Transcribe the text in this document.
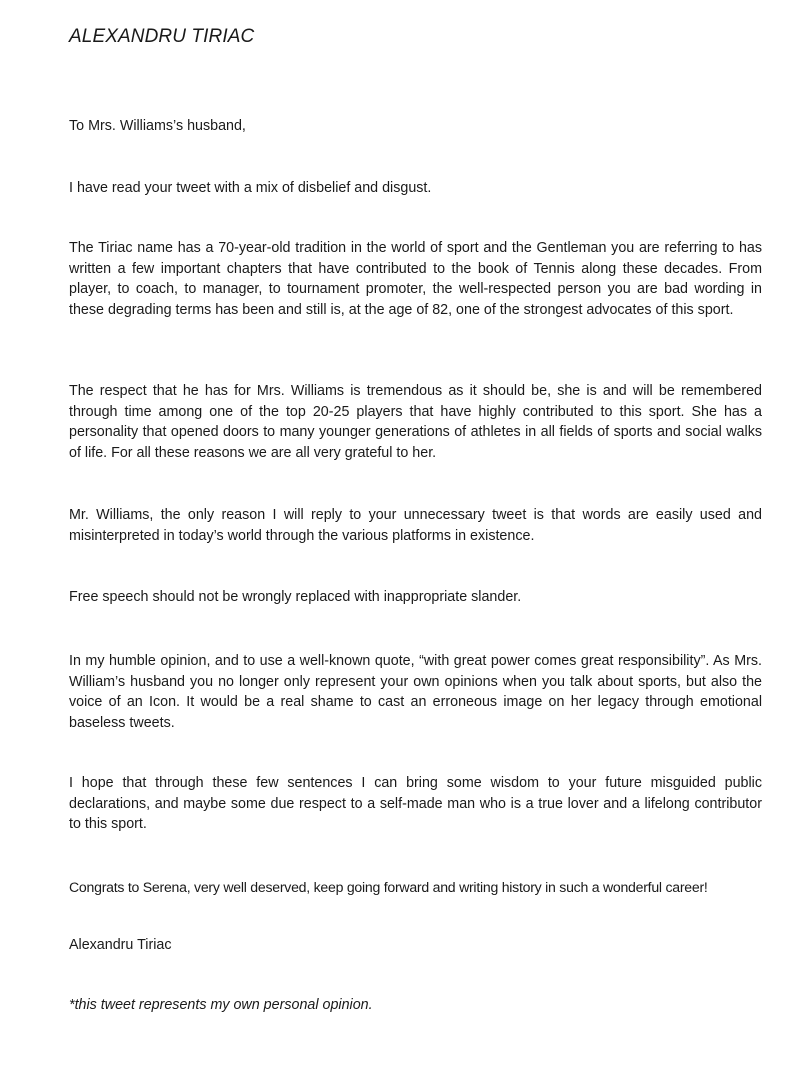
ALEXANDRU TIRIAC

To Mrs. Williams’s husband,

I have read your tweet with a mix of disbelief and disgust.

The Tiriac name has a 70-year-old tradition in the world of sport and the Gentleman you are referring to has written a few important chapters that have contributed to the book of Tennis along these decades. From player, to coach, to manager, to tournament promoter, the well-respected person you are bad wording in these degrading terms has been and still is, at the age of 82, one of the strongest advocates of this sport.

The respect that he has for Mrs. Williams is tremendous as it should be, she is and will be remembered through time among one of the top 20-25 players that have highly contributed to this sport. She has a personality that opened doors to many younger generations of athletes in all fields of sports and social walks of life. For all these reasons we are all very grateful to her.

Mr. Williams, the only reason I will reply to your unnecessary tweet is that words are easily used and misinterpreted in today’s world through the various platforms in existence.

Free speech should not be wrongly replaced with inappropriate slander.

In my humble opinion, and to use a well-known quote, “with great power comes great responsibility”. As Mrs. William’s husband you no longer only represent your own opinions when you talk about sports, but also the voice of an Icon. It would be a real shame to cast an erroneous image on her legacy through emotional baseless tweets.

I hope that through these few sentences I can bring some wisdom to your future misguided public declarations, and maybe some due respect to a self-made man who is a true lover and a lifelong contributor to this sport.

Congrats to Serena, very well deserved, keep going forward and writing history in such a wonderful career!

Alexandru Tiriac

*this tweet represents my own personal opinion.
